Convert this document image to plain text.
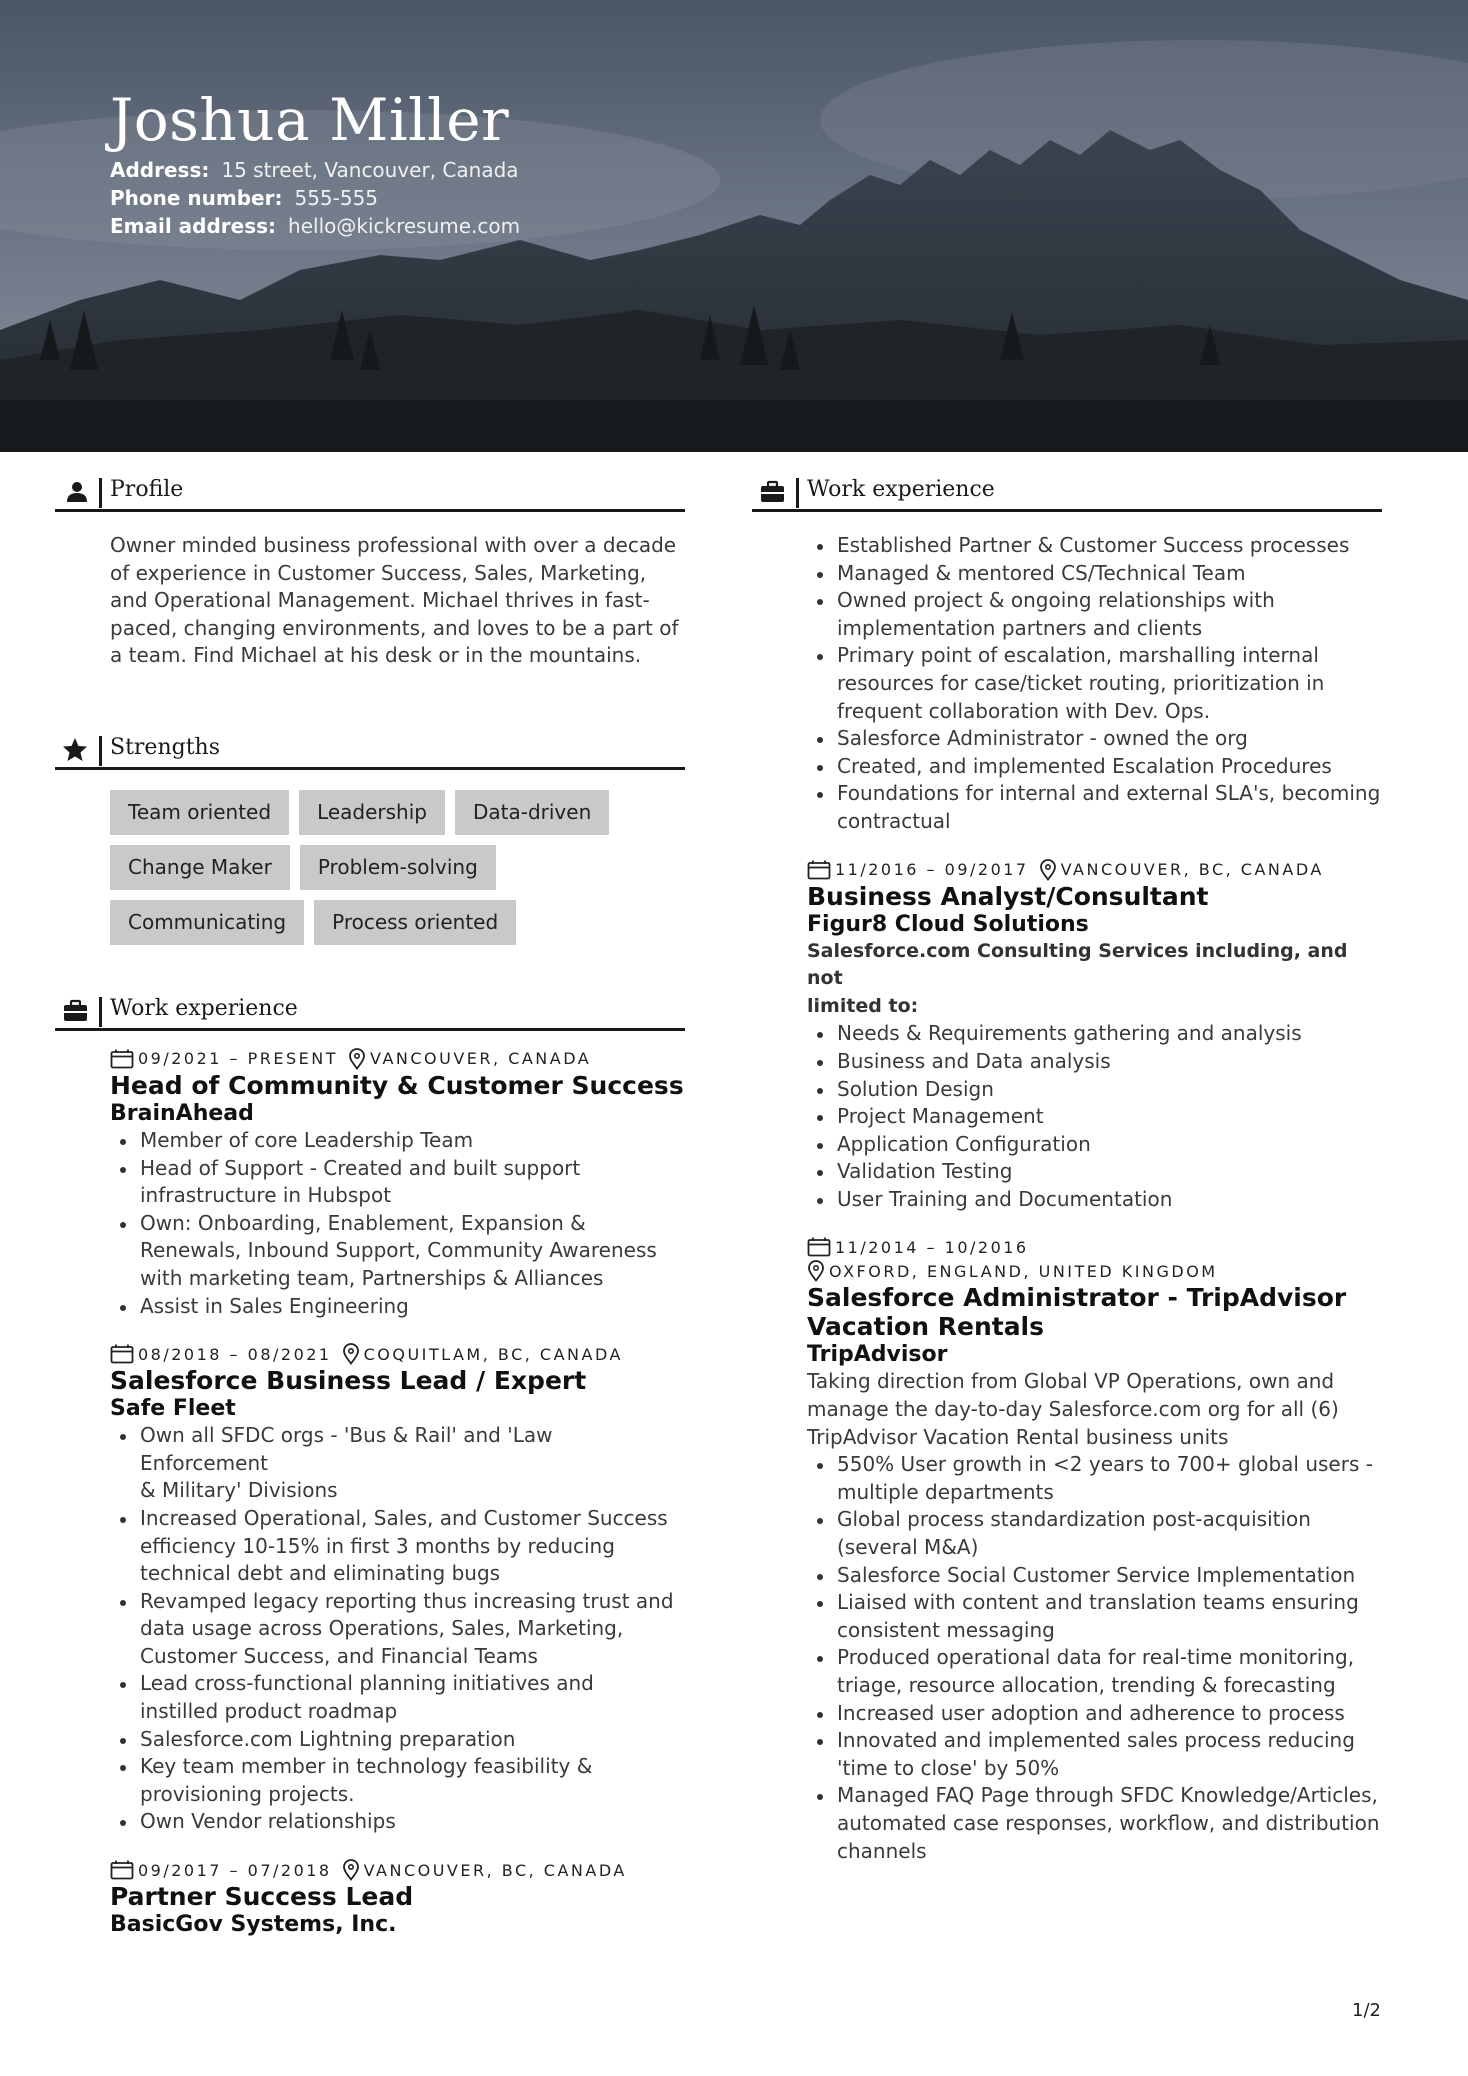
Joshua Miller
Address: 15 street, Vancouver, Canada
Phone number: 555-555
Email address: hello@kickresume.com
Profile
Owner minded business professional with over a decade
of experience in Customer Success, Sales, Marketing,
and Operational Management. Michael thrives in fast-
paced, changing environments, and loves to be a part of
a team. Find Michael at his desk or in the mountains.
Strengths
Team oriented	Leadership	Data-driven
Change Maker	Problem-solving
Communicating	Process oriented
Work experience
09/2021 – PRESENT VANCOUVER, CANADA
Head of Community & Customer Success
BrainAhead
Member of core Leadership Team
Head of Support - Created and built support
infrastructure in Hubspot
Own: Onboarding, Enablement, Expansion &
Renewals, Inbound Support, Community Awareness
with marketing team, Partnerships & Alliances
Assist in Sales Engineering
08/2018 – 08/2021 COQUITLAM, BC, CANADA
Salesforce Business Lead / Expert
Safe Fleet
Own all SFDC orgs - 'Bus & Rail' and 'Law Enforcement
& Military' Divisions
Increased Operational, Sales, and Customer Success
efficiency 10-15% in first 3 months by reducing
technical debt and eliminating bugs
Revamped legacy reporting thus increasing trust and
data usage across Operations, Sales, Marketing,
Customer Success, and Financial Teams
Lead cross-functional planning initiatives and
instilled product roadmap
Salesforce.com Lightning preparation
Key team member in technology feasibility &
provisioning projects.
Own Vendor relationships
09/2017 – 07/2018 VANCOUVER, BC, CANADA
Partner Success Lead
BasicGov Systems, Inc.
Work experience
Established Partner & Customer Success processes
Managed & mentored CS/Technical Team
Owned project & ongoing relationships with
implementation partners and clients
Primary point of escalation, marshalling internal
resources for case/ticket routing, prioritization in
frequent collaboration with Dev. Ops.
Salesforce Administrator - owned the org
Created, and implemented Escalation Procedures
Foundations for internal and external SLA's, becoming
contractual
11/2016 – 09/2017 VANCOUVER, BC, CANADA
Business Analyst/Consultant
Figur8 Cloud Solutions
Salesforce.com Consulting Services including, and not
limited to:
Needs & Requirements gathering and analysis
Business and Data analysis
Solution Design
Project Management
Application Configuration
Validation Testing
User Training and Documentation
11/2014 – 10/2016
OXFORD, ENGLAND, UNITED KINGDOM
Salesforce Administrator - TripAdvisor
Vacation Rentals
TripAdvisor
Taking direction from Global VP Operations, own and
manage the day-to-day Salesforce.com org for all (6)
TripAdvisor Vacation Rental business units
550% User growth in <2 years to 700+ global users -
multiple departments
Global process standardization post-acquisition
(several M&A)
Salesforce Social Customer Service Implementation
Liaised with content and translation teams ensuring
consistent messaging
Produced operational data for real-time monitoring,
triage, resource allocation, trending & forecasting
Increased user adoption and adherence to process
Innovated and implemented sales process reducing
'time to close' by 50%
Managed FAQ Page through SFDC Knowledge/Articles,
automated case responses, workflow, and distribution
channels
1/2
